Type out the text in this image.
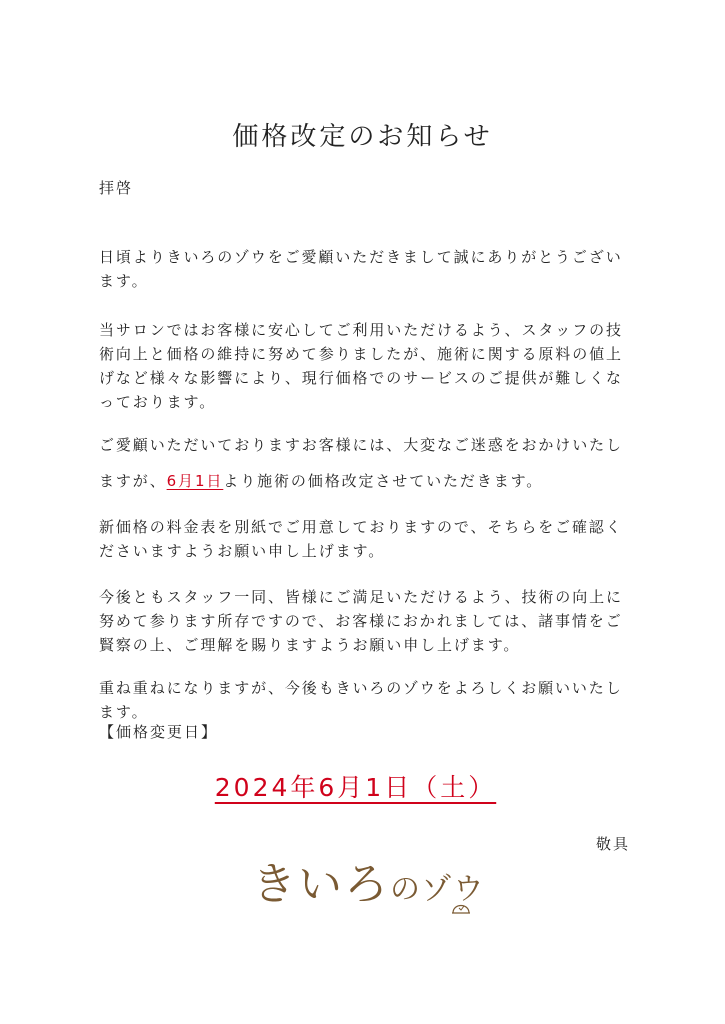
価格改定のお知らせ
拝啓

日頃よりきいろのゾウをご愛顧いただきまして誠にありがとうございます。

当サロンではお客様に安心してご利用いただけるよう、スタッフの技術向上と価格の維持に努めて参りましたが、施術に関する原料の値上げなど様々な影響により、現行価格でのサービスのご提供が難しくなっております。

ご愛顧いただいておりますお客様には、大変なご迷惑をおかけいたしますが、6月1日より施術の価格改定させていただきます。

新価格の料金表を別紙でご用意しておりますので、そちらをご確認くださいますようお願い申し上げます。

今後ともスタッフ一同、皆様にご満足いただけるよう、技術の向上に努めて参ります所存ですので、お客様におかれましては、諸事情をご賢察の上、ご理解を賜りますようお願い申し上げます。

重ね重ねになりますが、今後もきいろのゾウをよろしくお願いいたします。

【価格変更日】
2024年6月1日（土）
敬具
きいろのゾウ
